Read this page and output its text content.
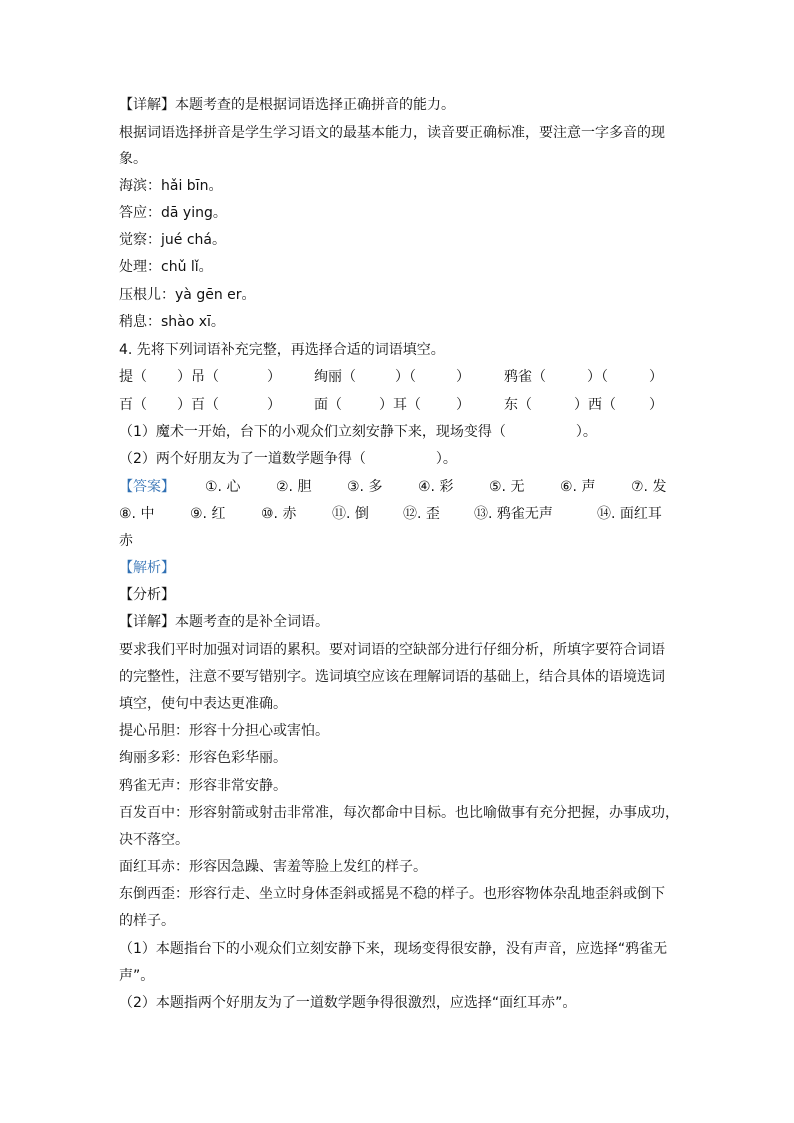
【详解】本题考查的是根据词语选择正确拼音的能力。
根据词语选择拼音是学生学习语文的最基本能力，读音要正确标准，要注意一字多音的现
象。
海滨：hǎi bīn。
答应：dā ying。
觉察：jué chá。
处理：chǔ lǐ。
压根儿：yà gēn er。
稍息：shào xī。
4. 先将下列词语补充完整，再选择合适的词语填空。
提（ ）吊（	） 绚丽（	）（	） 鸦雀（	）（	）
百（ ）百（	） 面（	）耳（	） 东（	）西（ ）
（1）魔术一开始，台下的小观众们立刻安静下来，现场变得（　　　　　）。
（2）两个好朋友为了一道数学题争得（　　　　　）。
【答案】 ①. 心	②. 胆	③. 多	④. 彩	⑤. 无	⑥. 声	⑦. 发
⑧. 中	⑨. 红	⑩. 赤	⑪. 倒 ⑫. 歪 ⑬. 鸦雀无声	⑭. 面红耳
赤
【解析】
【分析】
【详解】本题考查的是补全词语。
要求我们平时加强对词语的累积。要对词语的空缺部分进行仔细分析，所填字要符合词语
的完整性，注意不要写错别字。选词填空应该在理解词语的基础上，结合具体的语境选词
填空，使句中表达更准确。
提心吊胆：形容十分担心或害怕。
绚丽多彩：形容色彩华丽。
鸦雀无声：形容非常安静。
百发百中：形容射箭或射击非常准，每次都命中目标。也比喻做事有充分把握，办事成功，
决不落空。
面红耳赤：形容因急躁、害羞等脸上发红的样子。
东倒西歪：形容行走、坐立时身体歪斜或摇晃不稳的样子。也形容物体杂乱地歪斜或倒下
的样子。
（1）本题指台下的小观众们立刻安静下来，现场变得很安静，没有声音，应选择“鸦雀无
声”。
（2）本题指两个好朋友为了一道数学题争得很激烈，应选择“面红耳赤”。
